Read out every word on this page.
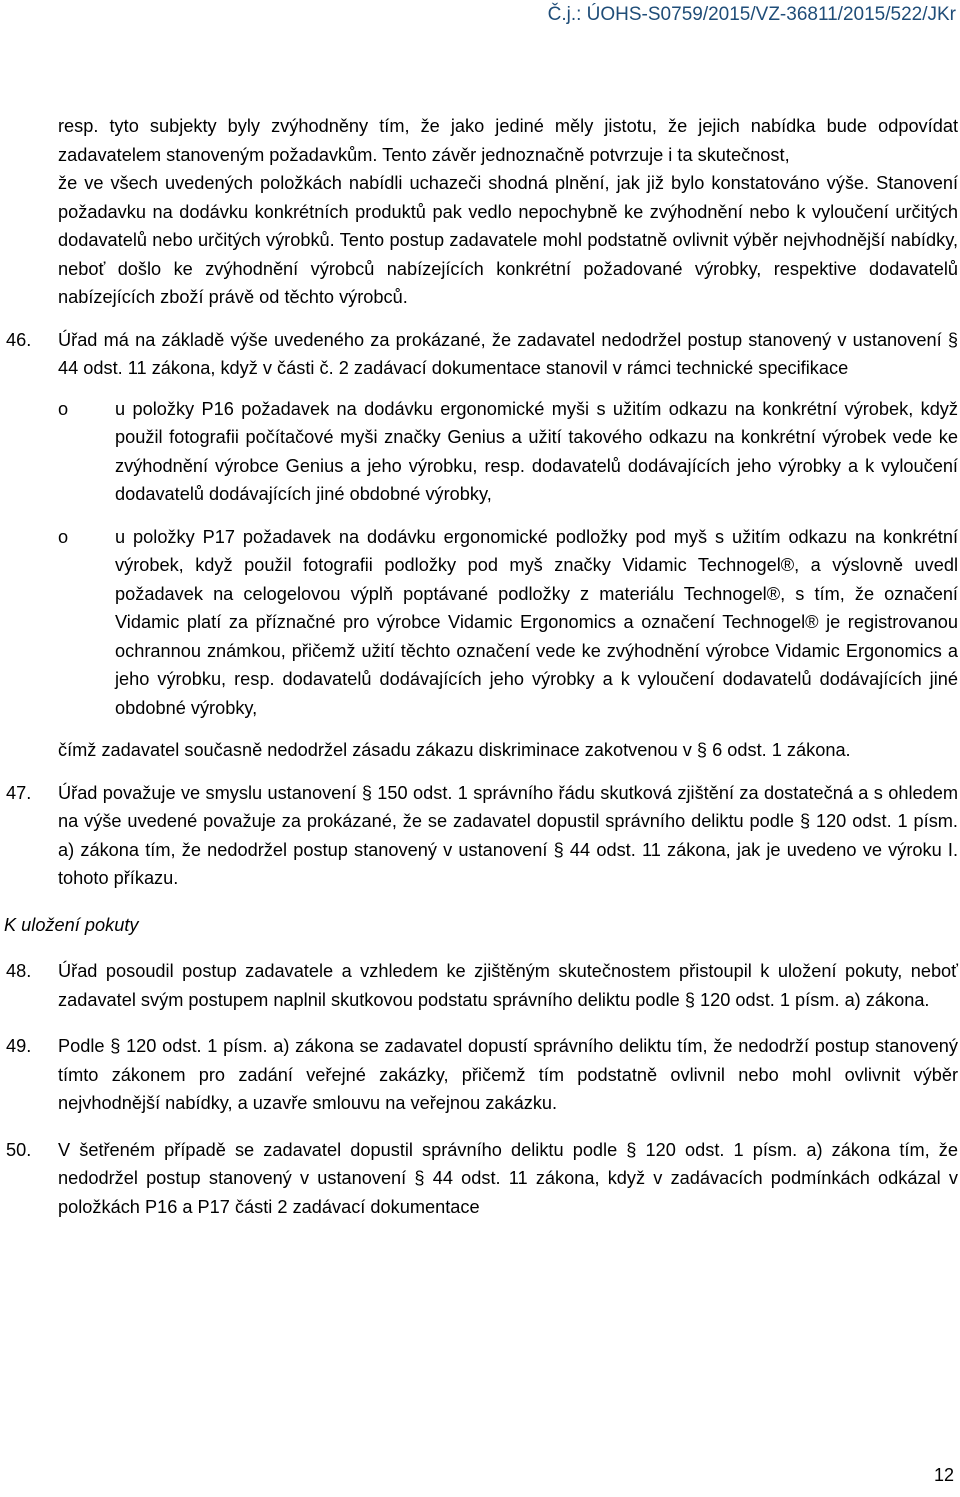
Č.j.: ÚOHS-S0759/2015/VZ-36811/2015/522/JKr

resp. tyto subjekty byly zvýhodněny tím, že jako jediné měly jistotu, že jejich nabídka bude odpovídat zadavatelem stanoveným požadavkům. Tento závěr jednoznačně potvrzuje i ta skutečnost,

že ve všech uvedených položkách nabídli uchazeči shodná plnění, jak již bylo konstatováno výše. Stanovení požadavku na dodávku konkrétních produktů pak vedlo nepochybně ke zvýhodnění nebo k vyloučení určitých dodavatelů nebo určitých výrobků. Tento postup zadavatele mohl podstatně ovlivnit výběr nejvhodnější nabídky, neboť došlo ke zvýhodnění výrobců nabízejících konkrétní požadované výrobky, respektive dodavatelů nabízejících zboží právě od těchto výrobců.

46. Úřad má na základě výše uvedeného za prokázané, že zadavatel nedodržel postup stanovený v ustanovení § 44 odst. 11 zákona, když v části č. 2 zadávací dokumentace stanovil v rámci technické specifikace

o	u položky P16 požadavek na dodávku ergonomické myši s užitím odkazu na konkrétní výrobek, když použil fotografii počítačové myši značky Genius a užití takového odkazu na konkrétní výrobek vede ke zvýhodnění výrobce Genius a jeho výrobku, resp. dodavatelů dodávajících jeho výrobky a k vyloučení dodavatelů dodávajících jiné obdobné výrobky,
o	u položky P17 požadavek na dodávku ergonomické podložky pod myš s užitím odkazu na konkrétní výrobek, když použil fotografii podložky pod myš značky Vidamic Technogel®, a výslovně uvedl požadavek na celogelovou výplň poptávané podložky z materiálu Technogel®, s tím, že označení Vidamic platí za příznačné pro výrobce Vidamic Ergonomics a označení Technogel® je registrovanou ochrannou známkou, přičemž užití těchto označení vede ke zvýhodnění výrobce Vidamic Ergonomics a jeho výrobku, resp. dodavatelů dodávajících jeho výrobky a k vyloučení dodavatelů dodávajících jiné obdobné výrobky,

čímž zadavatel současně nedodržel zásadu zákazu diskriminace zakotvenou v § 6 odst. 1 zákona.

47. Úřad považuje ve smyslu ustanovení § 150 odst. 1 správního řádu skutková zjištění za dostatečná a s ohledem na výše uvedené považuje za prokázané, že se zadavatel dopustil správního deliktu podle § 120 odst. 1 písm. a) zákona tím, že nedodržel postup stanovený v ustanovení § 44 odst. 11 zákona, jak je uvedeno ve výroku I. tohoto příkazu.

K uložení pokuty

48. Úřad posoudil postup zadavatele a vzhledem ke zjištěným skutečnostem přistoupil k uložení pokuty, neboť zadavatel svým postupem naplnil skutkovou podstatu správního deliktu podle § 120 odst. 1 písm. a) zákona.

49. Podle § 120 odst. 1 písm. a) zákona se zadavatel dopustí správního deliktu tím, že nedodrží postup stanovený tímto zákonem pro zadání veřejné zakázky, přičemž tím podstatně ovlivnil nebo mohl ovlivnit výběr nejvhodnější nabídky, a uzavře smlouvu na veřejnou zakázku.

50. V šetřeném případě se zadavatel dopustil správního deliktu podle § 120 odst. 1 písm. a) zákona tím, že nedodržel postup stanovený v ustanovení § 44 odst. 11 zákona, když v zadávacích podmínkách odkázal v položkách P16 a P17 části 2 zadávací dokumentace

12
